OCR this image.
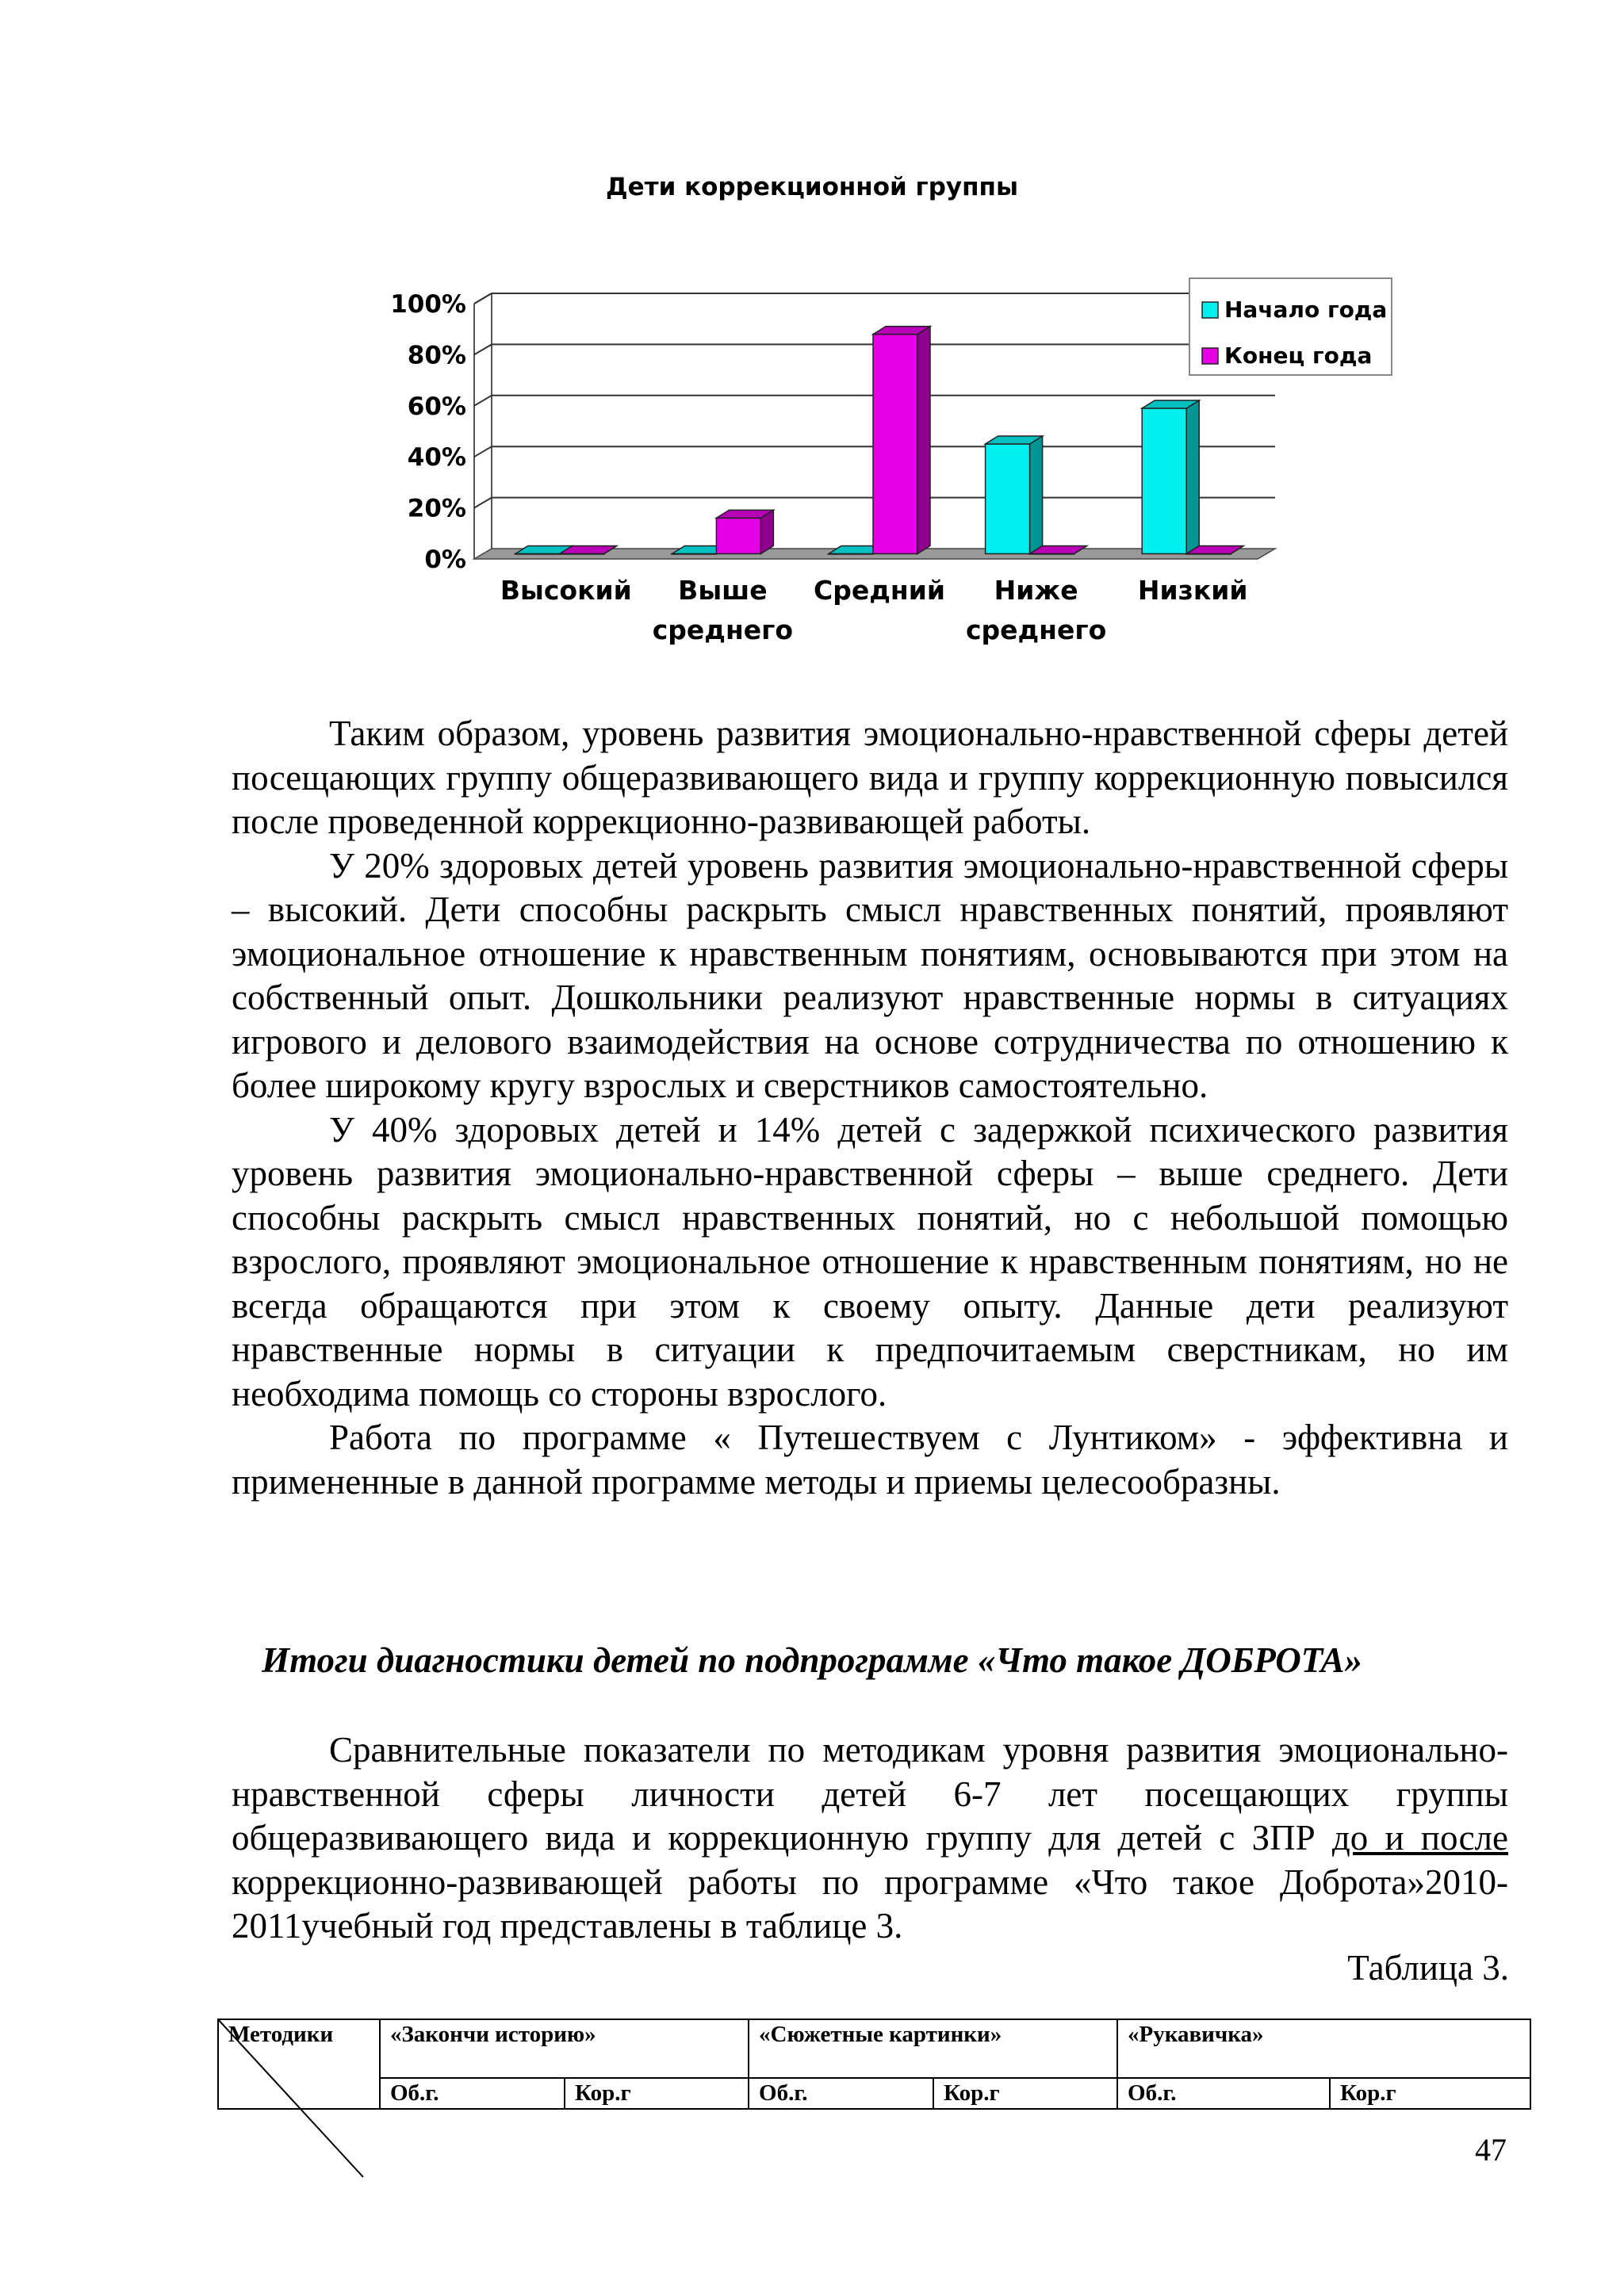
Дети коррекционной группы
0%
20%
40%
60%
80%
100%
Высокий Выше
среднего
Средний Ниже
среднего
Низкий
Начало года
Конец года

Таким образом, уровень развития эмоционально-нравственной сферы детей посещающих группу общеразвивающего вида и группу коррекционную повысился после проведенной коррекционно-развивающей работы.

У 20% здоровых детей уровень развития эмоционально-нравственной сферы – высокий. Дети способны раскрыть смысл нравственных понятий, проявляют эмоциональное отношение к нравственным понятиям, основываются при этом на собственный опыт. Дошкольники реализуют нравственные нормы в ситуациях игрового и делового взаимодействия на основе сотрудничества по отношению к более широкому кругу взрослых и сверстников самостоятельно.

У 40% здоровых детей и 14% детей с задержкой психического развития уровень развития эмоционально-нравственной сферы – выше среднего. Дети способны раскрыть смысл нравственных понятий, но с небольшой помощью взрослого, проявляют эмоциональное отношение к нравственным понятиям, но не всегда обращаются при этом к своему опыту. Данные дети реализуют нравственные нормы в ситуации к предпочитаемым сверстникам, но им необходима помощь со стороны взрослого.

Работа по программе « Путешествуем с Лунтиком» - эффективна и примененные в данной программе методы и приемы целесообразны.

Итоги диагностики детей по подпрограмме «Что такое ДОБРОТА»

Сравнительные показатели по методикам уровня развития эмоционально-нравственной сферы личности детей 6-7 лет посещающих группы общеразвивающего вида и коррекционную группу для детей с ЗПР до и после коррекционно-развивающей работы по программе «Что такое Доброта»2010-2011учебный год представлены в таблице 3.

Таблица 3.
Методики	«Закончи историю»		«Сюжетные картинки»		«Рукавичка»	
	Об.г.	Кор.г	Об.г.	Кор.г	Об.г.	Кор.г
47
